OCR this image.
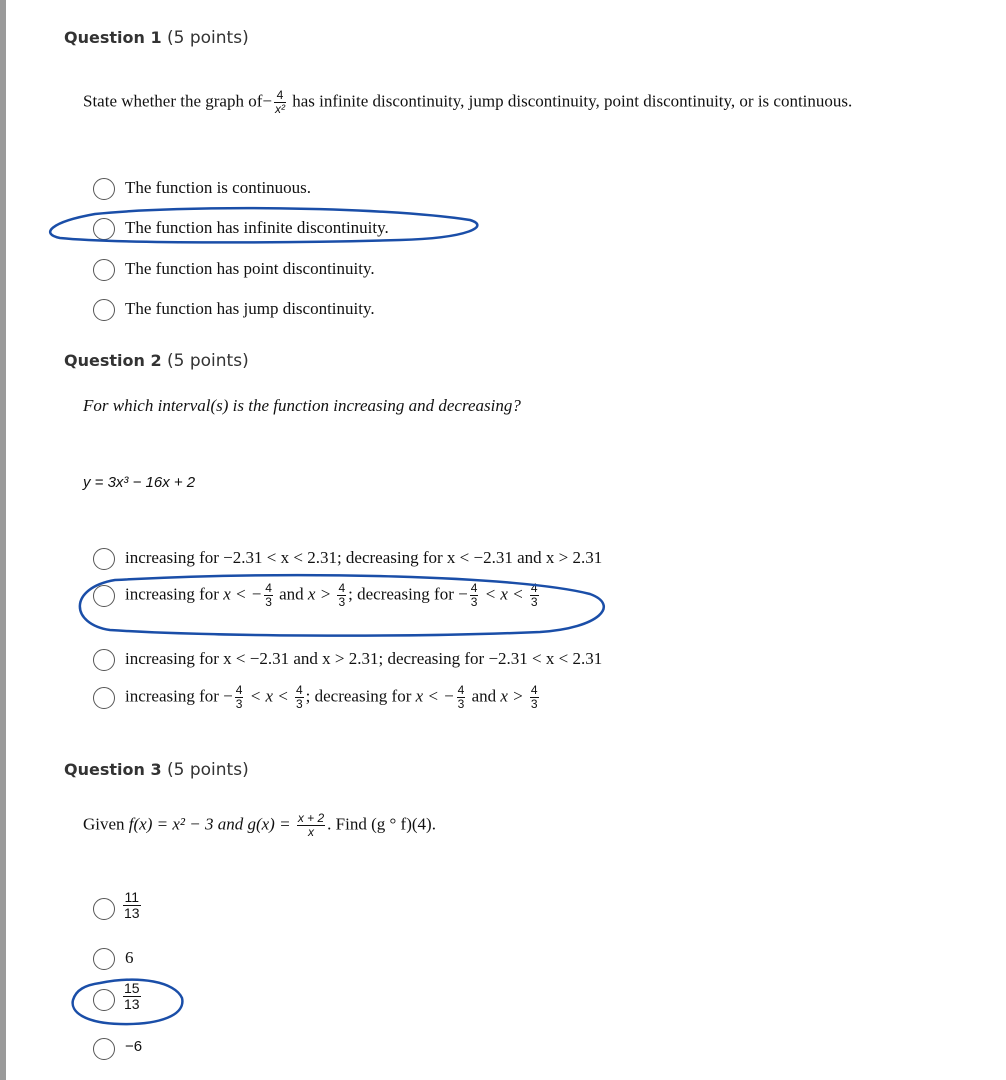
Question 1 (5 points)
State whether the graph $of- \frac{4}{\text{x²}}$ has infinite discontinuity, jump discontinuity, point discontinuity, or is continuous.
The function is continuous.
The function has infinite discontinuity.
The function has point discontinuity.
The function has jump discontinuity.
Question 2 (5 points)
For which interval(s) is the function increasing and decreasing?
y = 3x³ − 16x + 2
increasing for −2.31 < x < 2.31; decreasing for x < −2.31 and x > 2.31
increasing for x < − $\frac{4}{3}$ and $x > \frac{4}{3}$ ; decreasing for − $\frac{4}{3} < x < \frac{4}{3}$
increasing for x < −2.31 and x > 2.31; decreasing for −2.31 < x < 2.31
increasing for − $\frac{4}{3} < x < \frac{4}{3}$ ; decreasing for x < − $\frac{4}{3}$ and $x > \frac{4}{3}$
Question 3 (5 points)
Given f(x) = x² − 3 and $g(x) = \frac{x + 2}{x}$ . Find (g ° f)(4).
$\frac{11}{13}$
6
$\frac{15}{13}$
−6
